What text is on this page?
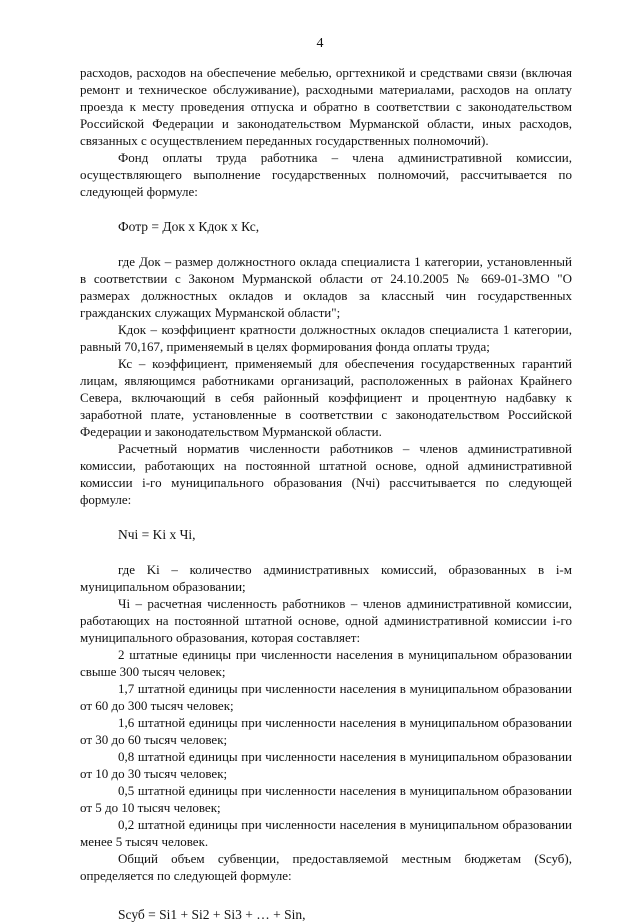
4

расходов, расходов на обеспечение мебелью, оргтехникой и средствами связи (включая ремонт и техническое обслуживание), расходными материалами, расходов на оплату проезда к месту проведения отпуска и обратно в соответствии с законодательством Российской Федерации и законодательством Мурманской области, иных расходов, связанных с осуществлением переданных государственных полномочий).

Фонд оплаты труда работника – члена административной комиссии, осуществляющего выполнение государственных полномочий, рассчитывается по следующей формуле:

Фотр = Док x Кдок x Кс,

где Док – размер должностного оклада специалиста 1 категории, установленный в соответствии с Законом Мурманской области от 24.10.2005 № 669-01-ЗМО "О размерах должностных окладов и окладов за классный чин государственных гражданских служащих Мурманской области";

Кдок – коэффициент кратности должностных окладов специалиста 1 категории, равный 70,167, применяемый в целях формирования фонда оплаты труда;

Кс – коэффициент, применяемый для обеспечения государственных гарантий лицам, являющимся работниками организаций, расположенных в районах Крайнего Севера, включающий в себя районный коэффициент и процентную надбавку к заработной плате, установленные в соответствии с законодательством Российской Федерации и законодательством Мурманской области.

Расчетный норматив численности работников – членов административной комиссии, работающих на постоянной штатной основе, одной административной комиссии i-го муниципального образования (Nчi) рассчитывается по следующей формуле:

Nчi = Ki x Чi,

где Ki – количество административных комиссий, образованных в i-м муниципальном образовании;

Чi – расчетная численность работников – членов административной комиссии, работающих на постоянной штатной основе, одной административной комиссии i-го муниципального образования, которая составляет:

2 штатные единицы при численности населения в муниципальном образовании свыше 300 тысяч человек;

1,7 штатной единицы при численности населения в муниципальном образовании от 60 до 300 тысяч человек;

1,6 штатной единицы при численности населения в муниципальном образовании от 30 до 60 тысяч человек;

0,8 штатной единицы при численности населения в муниципальном образовании от 10 до 30 тысяч человек;

0,5 штатной единицы при численности населения в муниципальном образовании от 5 до 10 тысяч человек;

0,2 штатной единицы при численности населения в муниципальном образовании менее 5 тысяч человек.

Общий объем субвенции, предоставляемой местным бюджетам (Sсуб), определяется по следующей формуле:

Sсуб = Si1 + Si2 + Si3 + … + Sin,
